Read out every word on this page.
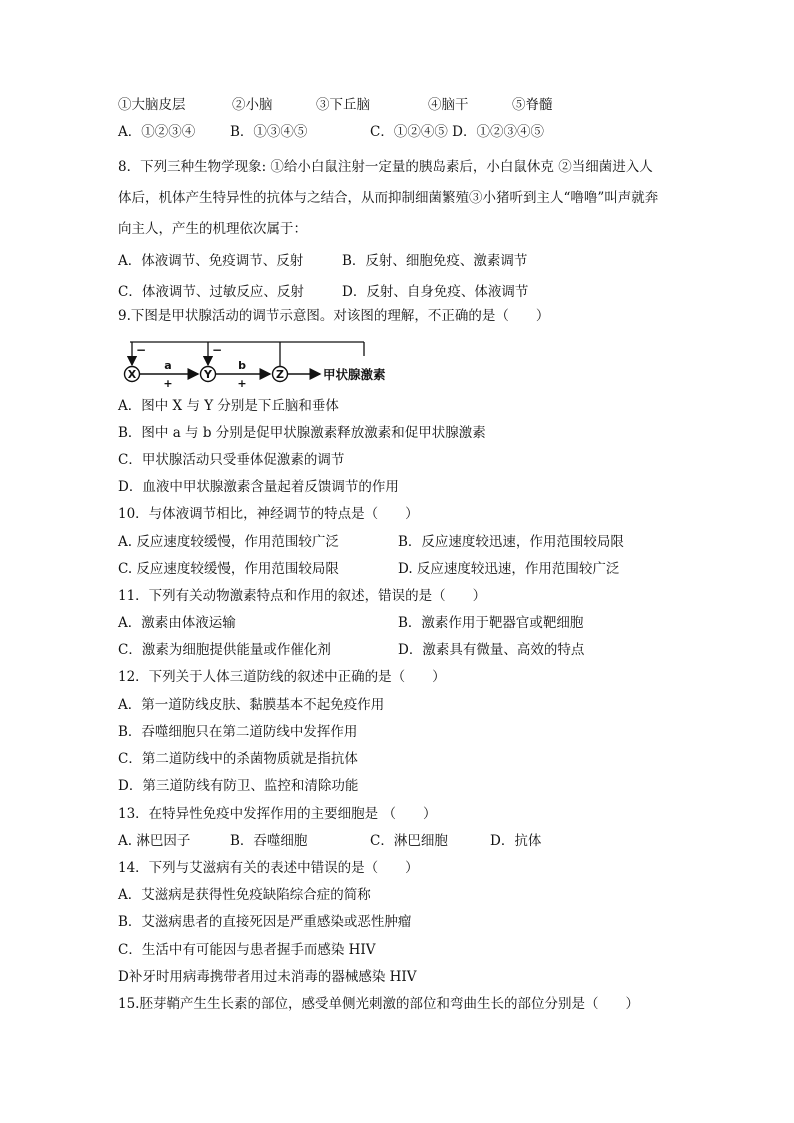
①大脑皮层	②小脑	③下丘脑	④脑干	⑤脊髓
A．①②③④	B．①③④⑤	C．①②④⑤ D．①②③④⑤
8．下列三种生物学现象: ①给小白鼠注射一定量的胰岛素后，小白鼠休克 ②当细菌进入人
体后，机体产生特异性的抗体与之结合，从而抑制细菌繁殖③小猪听到主人“噜噜”叫声就奔
向主人，产生的机理依次属于：
A．体液调节、免疫调节、反射	B．反射、细胞免疫、激素调节
C．体液调节、过敏反应、反射	D．反射、自身免疫、体液调节
9.下图是甲状腺活动的调节示意图。对该图的理解，不正确的是（　　）
−	−
X	Y	Z
a
+
b
+
甲状腺激素
A．图中 X 与 Y 分别是下丘脑和垂体
B．图中 a 与 b 分别是促甲状腺激素释放激素和促甲状腺激素
C．甲状腺活动只受垂体促激素的调节
D．血液中甲状腺激素含量起着反馈调节的作用
10．与体液调节相比，神经调节的特点是（　　）
A. 反应速度较缓慢，作用范围较广泛	B．反应速度较迅速，作用范围较局限
C. 反应速度较缓慢，作用范围较局限	D. 反应速度较迅速，作用范围较广泛
11．下列有关动物激素特点和作用的叙述，错误的是（　　）
A．激素由体液运输	B．激素作用于靶器官或靶细胞
C．激素为细胞提供能量或作催化剂	D．激素具有微量、高效的特点
12．下列关于人体三道防线的叙述中正确的是（　　）
A．第一道防线皮肤、黏膜基本不起免疫作用
B．吞噬细胞只在第二道防线中发挥作用
C．第二道防线中的杀菌物质就是指抗体
D．第三道防线有防卫、监控和清除功能
13．在特异性免疫中发挥作用的主要细胞是 （　　）
A. 淋巴因子	B．吞噬细胞	C．淋巴细胞	D．抗体
14．下列与艾滋病有关的表述中错误的是（　　）
A．艾滋病是获得性免疫缺陷综合症的简称
B．艾滋病患者的直接死因是严重感染或恶性肿瘤
C．生活中有可能因与患者握手而感染 HIV
D补牙时用病毒携带者用过未消毒的器械感染 HIV
15.胚芽鞘产生生长素的部位，感受单侧光刺激的部位和弯曲生长的部位分别是（　　）
